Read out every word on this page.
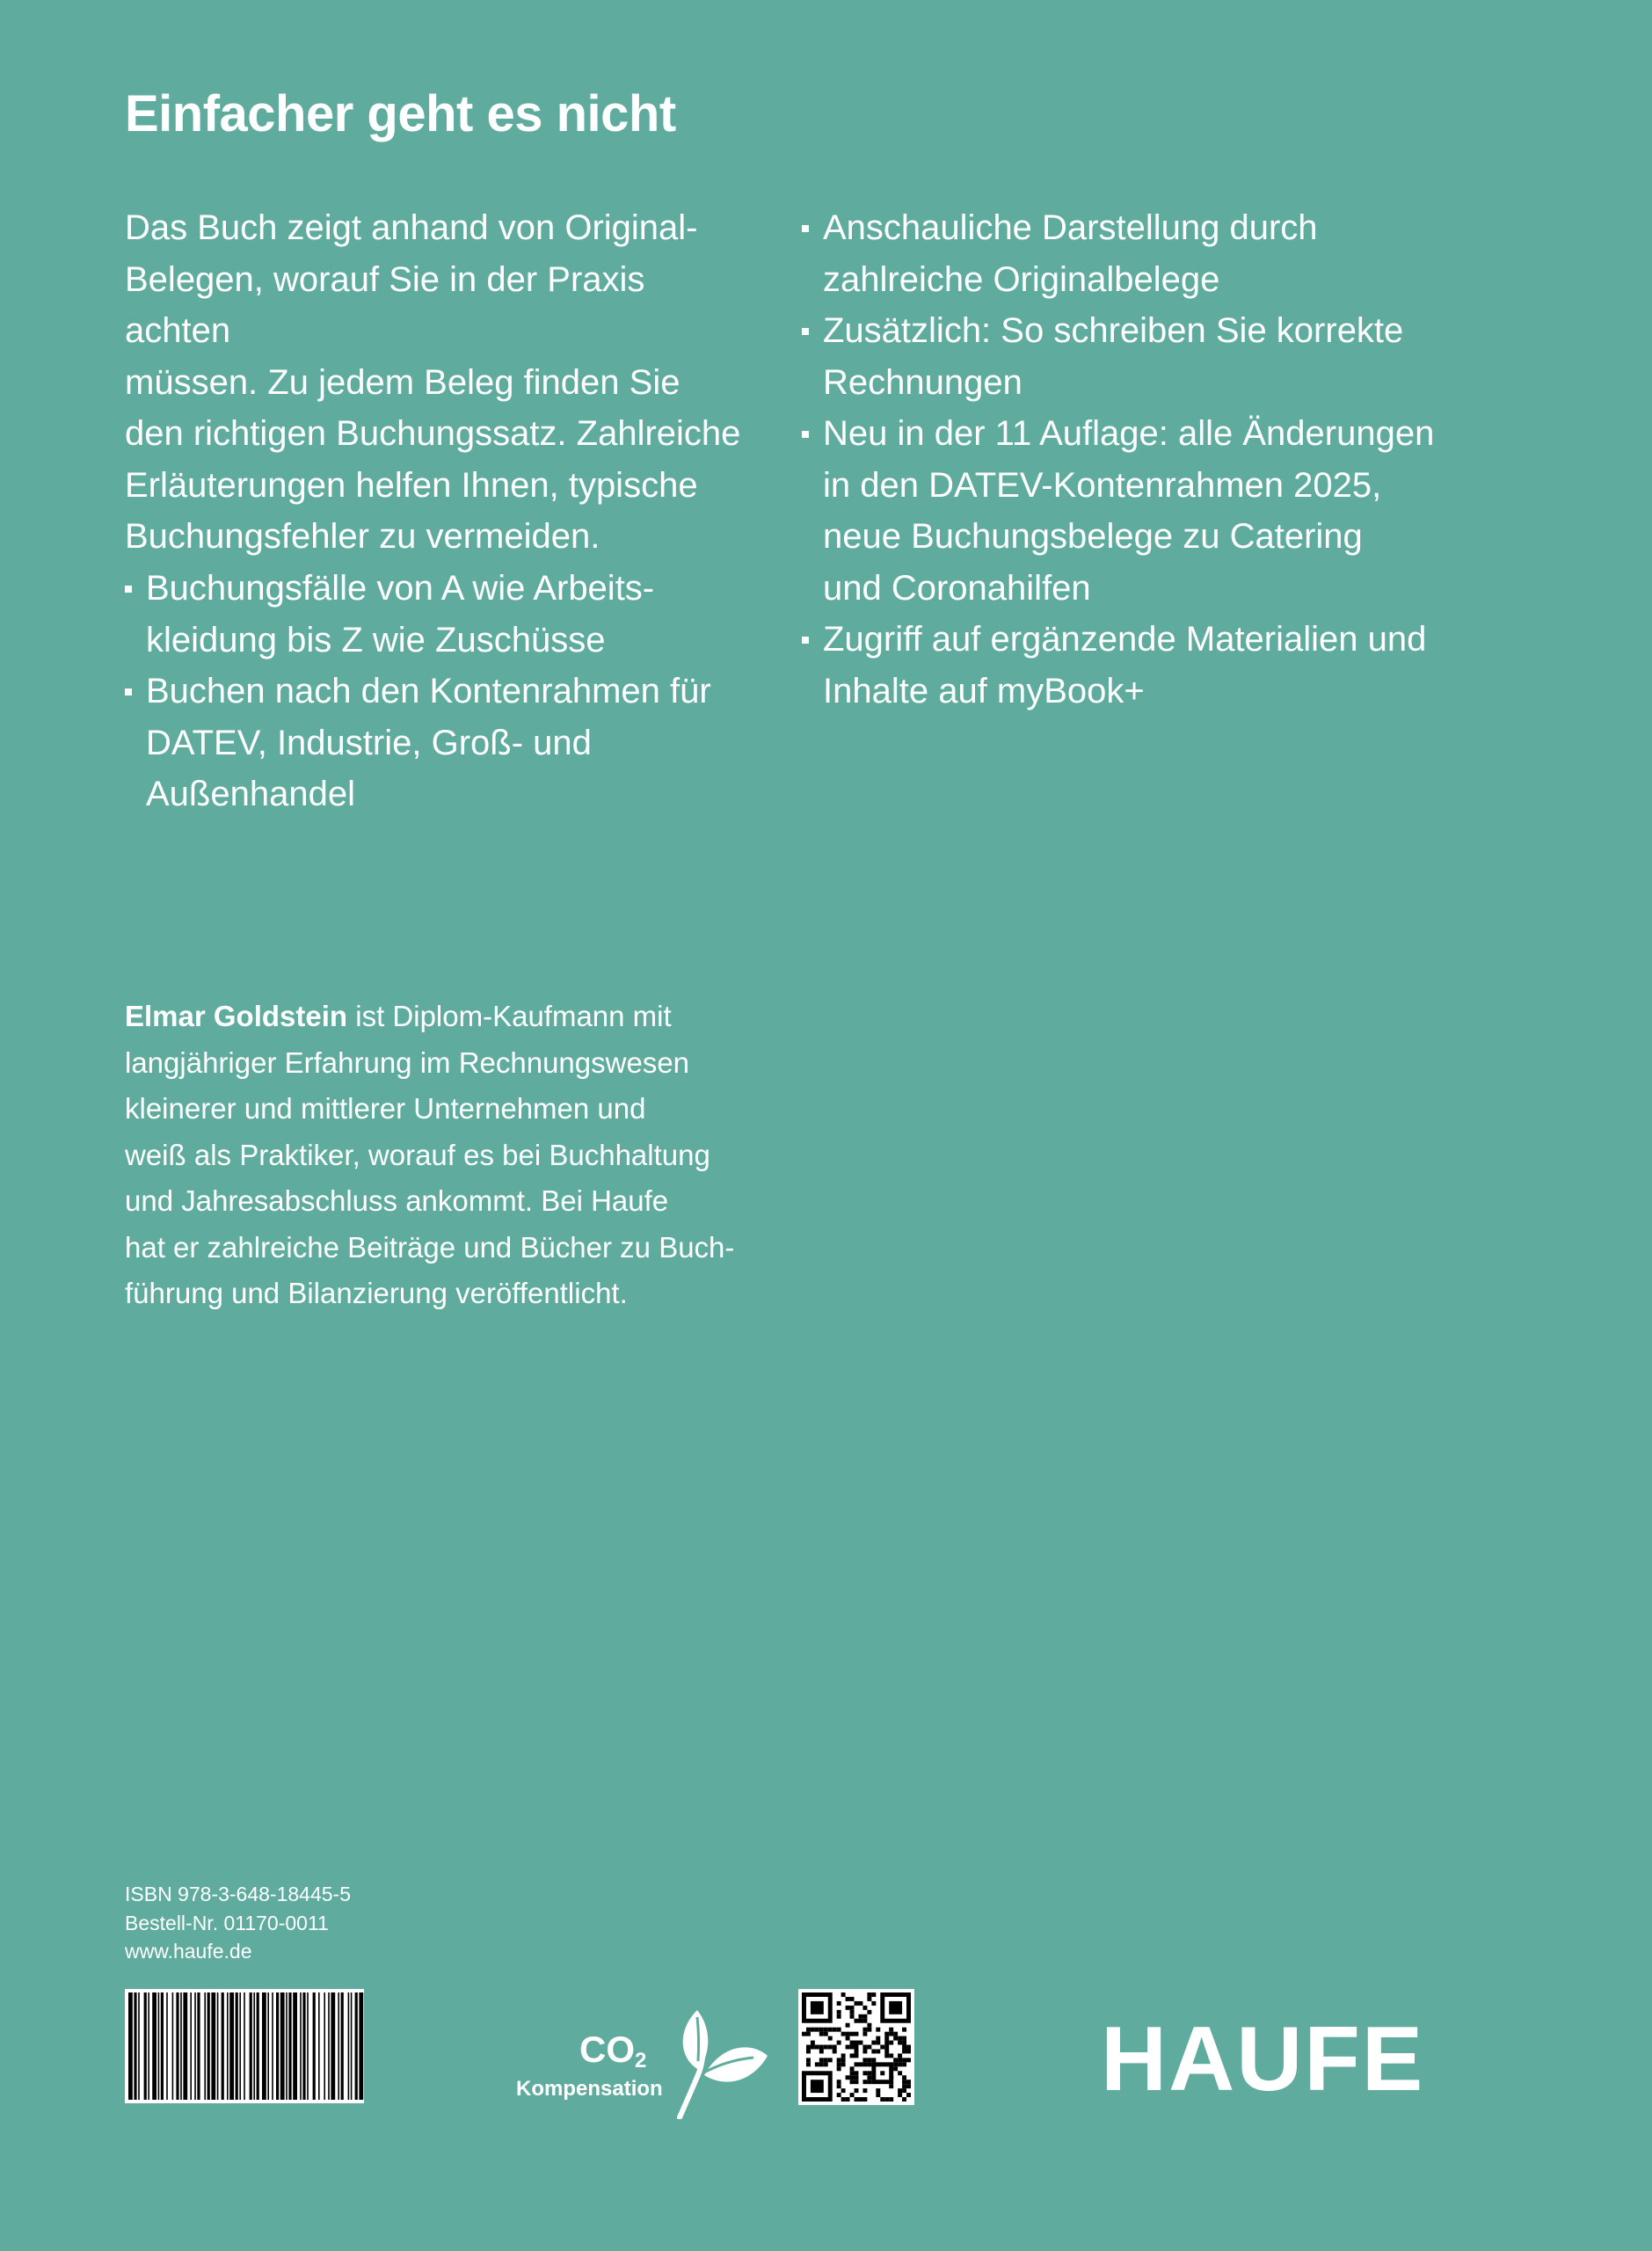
Einfacher geht es nicht

Das Buch zeigt anhand von Original-
Belegen, worauf Sie in der Praxis achten
müssen. Zu jedem Beleg finden Sie
den richtigen Buchungssatz. Zahlreiche
Erläuterungen helfen Ihnen, typische
Buchungsfehler zu vermeiden.

Buchungsfälle von A wie Arbeits-
kleidung bis Z wie Zuschüsse
Buchen nach den Kontenrahmen für
DATEV, Industrie, Groß- und Außenhandel
Anschauliche Darstellung durch
zahlreiche Originalbelege
Zusätzlich: So schreiben Sie korrekte
Rechnungen
Neu in der 11 Auflage: alle Änderungen
in den DATEV-Kontenrahmen 2025,
neue Buchungsbelege zu Catering
und Coronahilfen
Zugriff auf ergänzende Materialien und
Inhalte auf myBook+

Elmar Goldstein ist Diplom-Kaufmann mit
langjähriger Erfahrung im Rechnungswesen
kleinerer und mittlerer Unternehmen und
weiß als Praktiker, worauf es bei Buchhaltung
und Jahresabschluss ankommt. Bei Haufe
hat er zahlreiche Beiträge und Bücher zu Buch-
führung und Bilanzierung veröffentlicht.

ISBN 978-3-648-18445-5
Bestell-Nr. 01170-0011
www.haufe.de
$CO_2$
Kompensation	HAUFE
